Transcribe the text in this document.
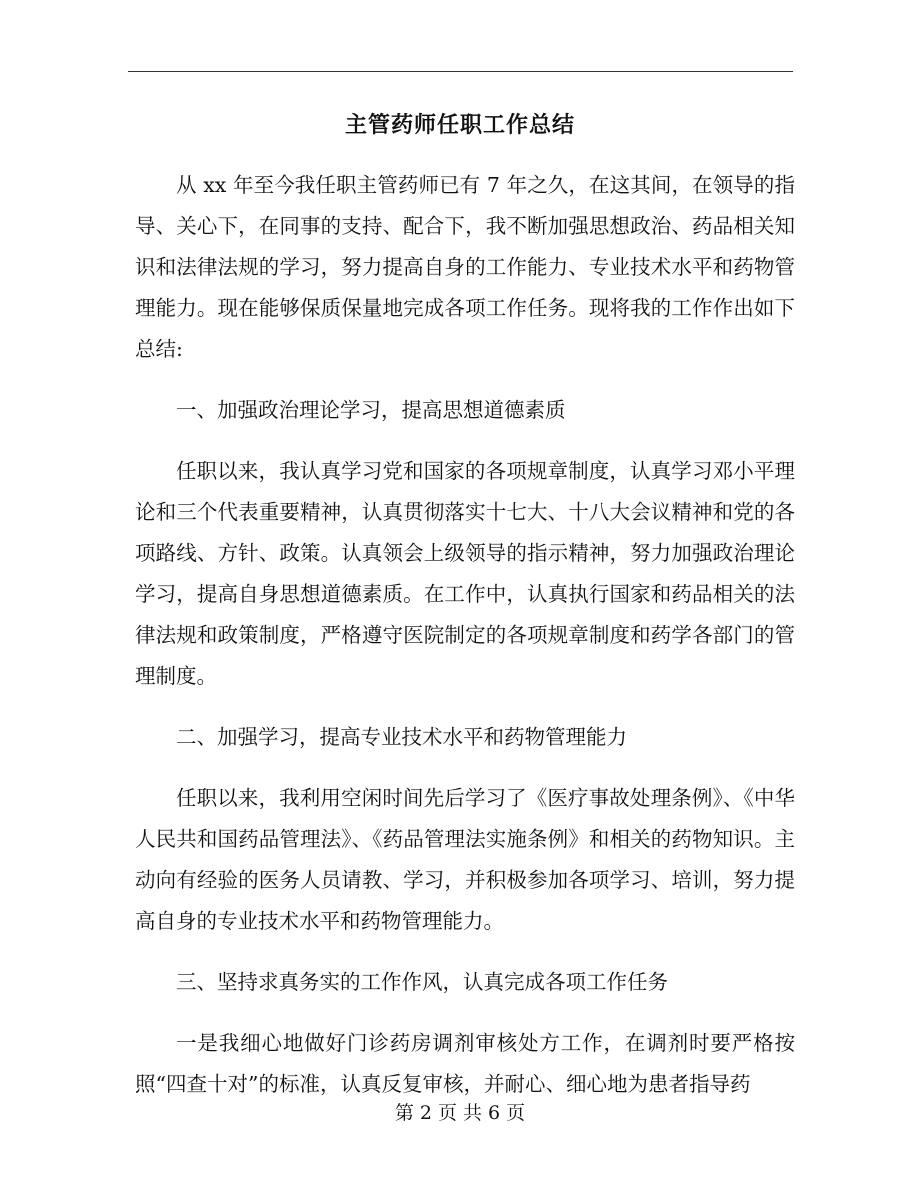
主管药师任职工作总结

从 xx 年至今我任职主管药师已有 7 年之久，在这其间，在领导的指导、关心下，在同事的支持、配合下，我不断加强思想政治、药品相关知识和法律法规的学习，努力提高自身的工作能力、专业技术水平和药物管理能力。现在能够保质保量地完成各项工作任务。现将我的工作作出如下总结:

一、加强政治理论学习，提高思想道德素质

任职以来，我认真学习党和国家的各项规章制度，认真学习邓小平理论和三个代表重要精神，认真贯彻落实十七大、十八大会议精神和党的各项路线、方针、政策。认真领会上级领导的指示精神，努力加强政治理论学习，提高自身思想道德素质。在工作中，认真执行国家和药品相关的法律法规和政策制度，严格遵守医院制定的各项规章制度和药学各部门的管理制度。

二、加强学习，提高专业技术水平和药物管理能力

任职以来，我利用空闲时间先后学习了《医疗事故处理条例》、《中华人民共和国药品管理法》、《药品管理法实施条例》和相关的药物知识。主动向有经验的医务人员请教、学习，并积极参加各项学习、培训，努力提高自身的专业技术水平和药物管理能力。

三、坚持求真务实的工作作风，认真完成各项工作任务

一是我细心地做好门诊药房调剂审核处方工作，在调剂时要严格按照“四查十对”的标准，认真反复审核，并耐心、细心地为患者指导药

第 2 页 共 6 页
